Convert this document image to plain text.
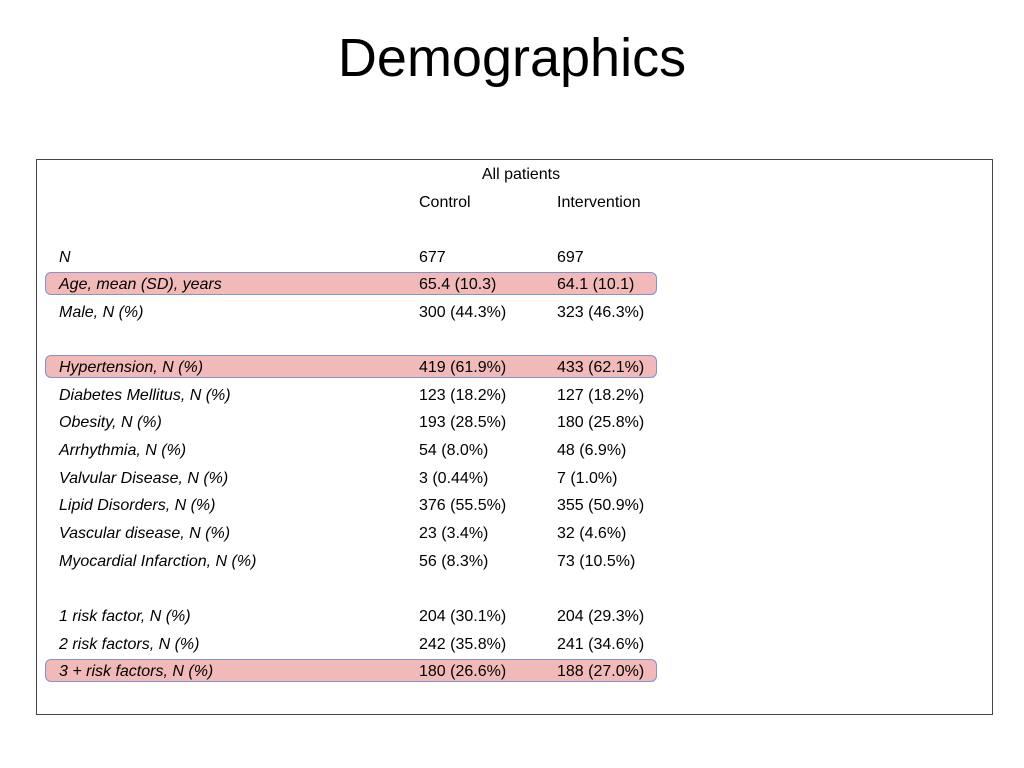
Demographics
All patients
Control	Intervention
N	677	697
Age, mean (SD), years	65.4 (10.3)	64.1 (10.1)
Male, N (%)	300 (44.3%)	323 (46.3%)
Hypertension, N (%)	419 (61.9%)	433 (62.1%)
Diabetes Mellitus, N (%)	123 (18.2%)	127 (18.2%)
Obesity, N (%)	193 (28.5%)	180 (25.8%)
Arrhythmia, N (%)	54 (8.0%)	48 (6.9%)
Valvular Disease, N (%)	3 (0.44%)	7 (1.0%)
Lipid Disorders, N (%)	376 (55.5%)	355 (50.9%)
Vascular disease, N (%)	23 (3.4%)	32 (4.6%)
Myocardial Infarction, N (%)	56 (8.3%)	73 (10.5%)
1 risk factor, N (%)	204 (30.1%)	204 (29.3%)
2 risk factors, N (%)	242 (35.8%)	241 (34.6%)
3 + risk factors, N (%)	180 (26.6%)	188 (27.0%)
